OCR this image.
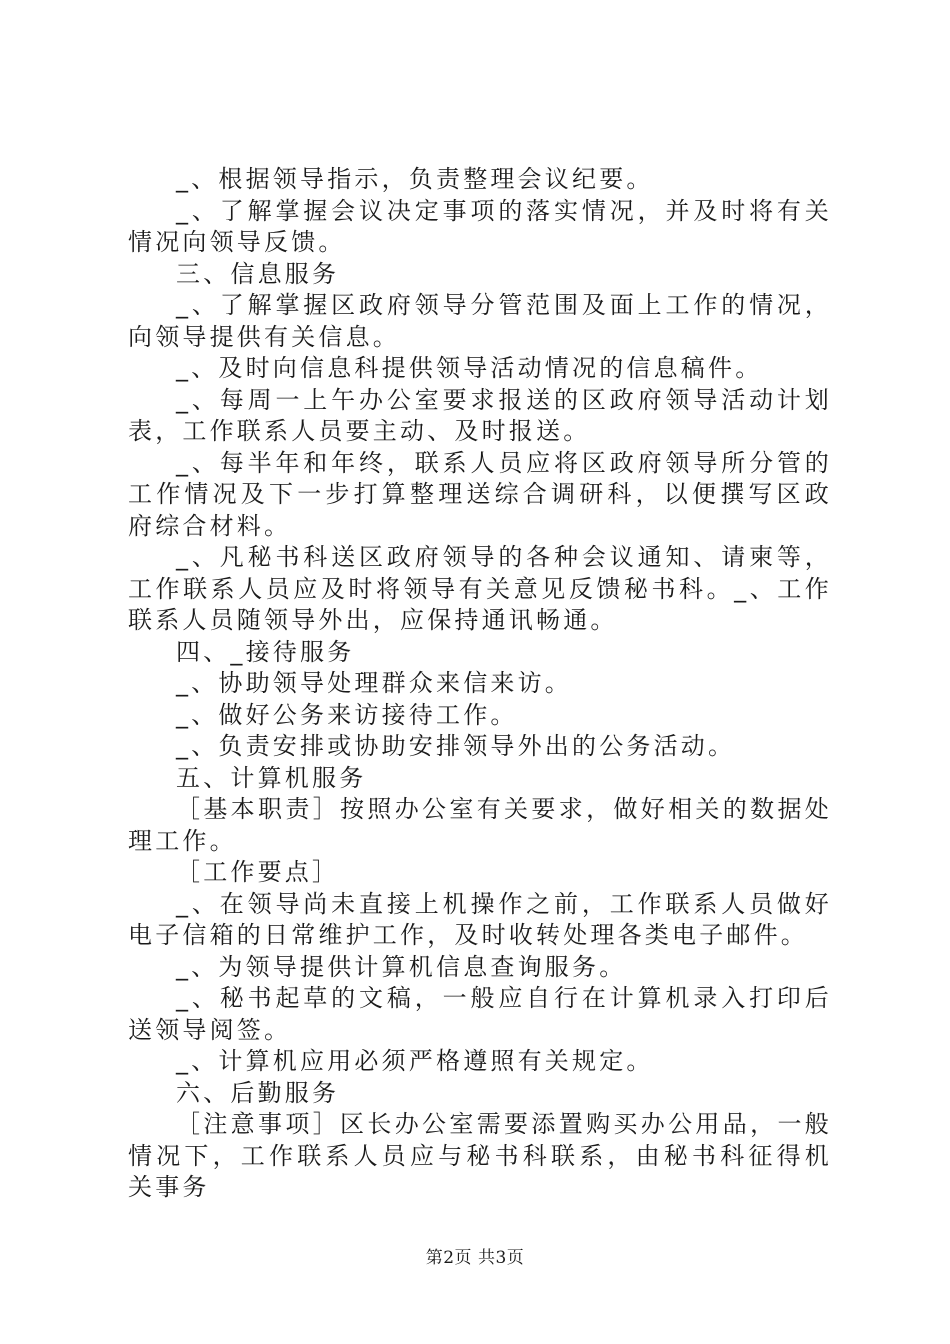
_、根据领导指示，负责整理会议纪要。

_、了解掌握会议决定事项的落实情况，并及时将有关情况向领导反馈。

三、信息服务

_、了解掌握区政府领导分管范围及面上工作的情况，向领导提供有关信息。

_、及时向信息科提供领导活动情况的信息稿件。

_、每周一上午办公室要求报送的区政府领导活动计划表，工作联系人员要主动、及时报送。

_、每半年和年终，联系人员应将区政府领导所分管的工作情况及下一步打算整理送综合调研科，以便撰写区政府综合材料。

_、凡秘书科送区政府领导的各种会议通知、请柬等，工作联系人员应及时将领导有关意见反馈秘书科。_、工作联系人员随领导外出，应保持通讯畅通。

四、_接待服务

_、协助领导处理群众来信来访。

_、做好公务来访接待工作。

_、负责安排或协助安排领导外出的公务活动。

五、计算机服务

［基本职责］按照办公室有关要求，做好相关的数据处理工作。

［工作要点］

_、在领导尚未直接上机操作之前，工作联系人员做好电子信箱的日常维护工作，及时收转处理各类电子邮件。

_、为领导提供计算机信息查询服务。

_、秘书起草的文稿，一般应自行在计算机录入打印后送领导阅签。

_、计算机应用必须严格遵照有关规定。

六、后勤服务

［注意事项］区长办公室需要添置购买办公用品，一般情况下，工作联系人员应与秘书科联系，由秘书科征得机关事务

第2页 共3页
